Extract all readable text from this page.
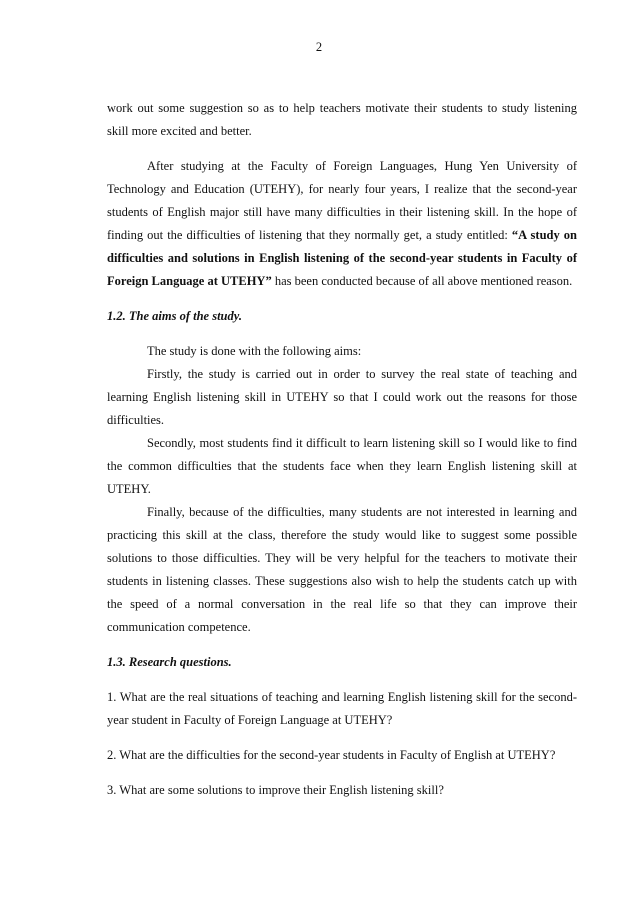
2

work out some suggestion so as to help teachers motivate their students to study listening skill more excited and better.

After studying at the Faculty of Foreign Languages, Hung Yen University of Technology and Education (UTEHY), for nearly four years, I realize that the second-year students of English major still have many difficulties in their listening skill. In the hope of finding out the difficulties of listening that they normally get, a study entitled: “A study on difficulties and solutions in English listening of the second-year students in Faculty of Foreign Language at UTEHY” has been conducted because of all above mentioned reason.

1.2. The aims of the study.

The study is done with the following aims:

Firstly, the study is carried out in order to survey the real state of teaching and learning English listening skill in UTEHY so that I could work out the reasons for those difficulties.

Secondly, most students find it difficult to learn listening skill so I would like to find the common difficulties that the students face when they learn English listening skill at UTEHY.

Finally, because of the difficulties, many students are not interested in learning and practicing this skill at the class, therefore the study would like to suggest some possible solutions to those difficulties. They will be very helpful for the teachers to motivate their students in listening classes. These suggestions also wish to help the students catch up with the speed of a normal conversation in the real life so that they can improve their communication competence.

1.3. Research questions.

1. What are the real situations of teaching and learning English listening skill for the second- year student in Faculty of Foreign Language at UTEHY?

2. What are the difficulties for the second-year students in Faculty of English at UTEHY?

3. What are some solutions to improve their English listening skill?
